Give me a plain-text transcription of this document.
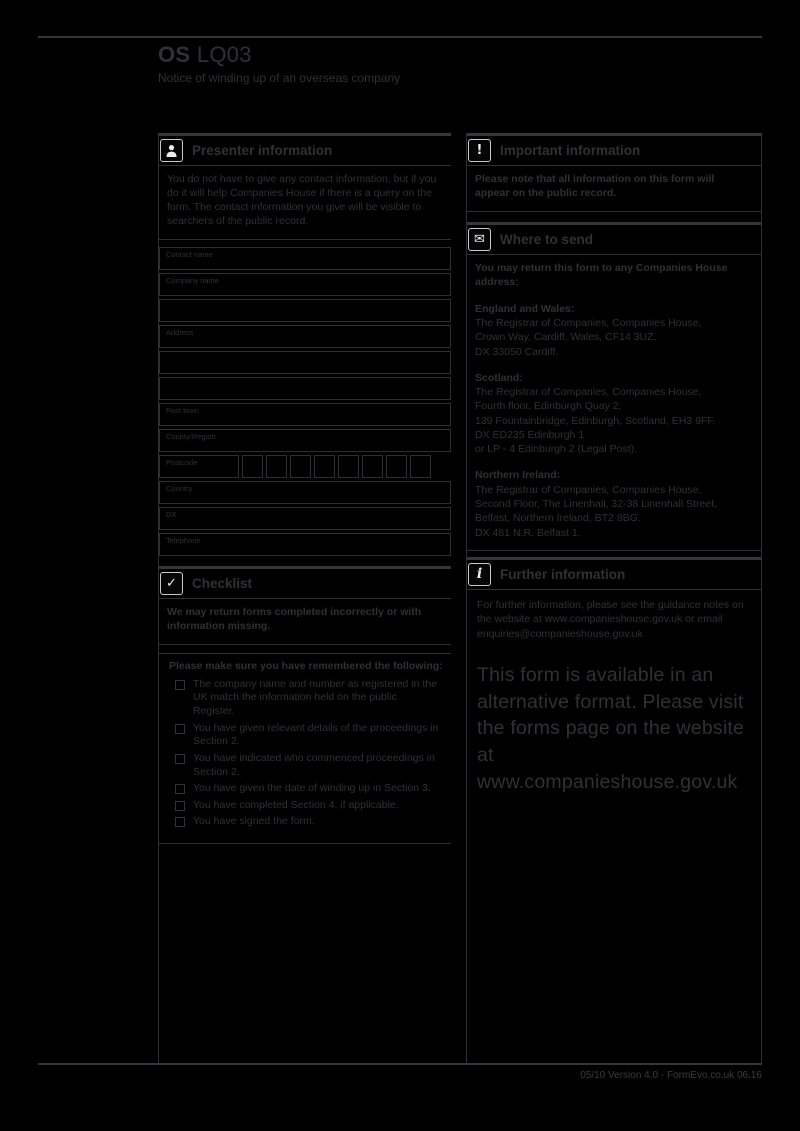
OS LQ03
Notice of winding up of an overseas company
Presenter information
You do not have to give any contact information, but if you do it will help Companies House if there is a query on the form. The contact information you give will be visible to searchers of the public record.
Contact name
Company name
Address
Post town
County/Region
Postcode
Country
DX
Telephone
✓ Checklist
We may return forms completed incorrectly or with information missing.
Please make sure you have remembered the following:
The company name and number as registered in the UK match the information held on the public Register.
You have given relevant details of the proceedings in Section 2.
You have indicated who commenced proceedings in Section 2.
You have given the date of winding up in Section 3.
You have completed Section 4, if applicable.
You have signed the form.
! Important information
Please note that all information on this form will appear on the public record.
✉ Where to send
You may return this form to any Companies House address:
England and Wales:
The Registrar of Companies, Companies House,
Crown Way, Cardiff, Wales, CF14 3UZ.
DX 33050 Cardiff.
Scotland:
The Registrar of Companies, Companies House,
Fourth floor, Edinburgh Quay 2,
139 Fountainbridge, Edinburgh, Scotland, EH3 9FF.
DX ED235 Edinburgh 1
or LP - 4 Edinburgh 2 (Legal Post).
Northern Ireland:
The Registrar of Companies, Companies House,
Second Floor, The Linenhall, 32-38 Linenhall Street,
Belfast, Northern Ireland, BT2 8BG.
DX 481 N.R. Belfast 1.
i Further information
For further information, please see the guidance notes on the website at www.companieshouse.gov.uk or email enquiries@companieshouse.gov.uk
This form is available in an alternative format. Please visit the forms page on the website at www.companieshouse.gov.uk
05/10 Version 4.0 - FormEvo.co.uk 06.16
